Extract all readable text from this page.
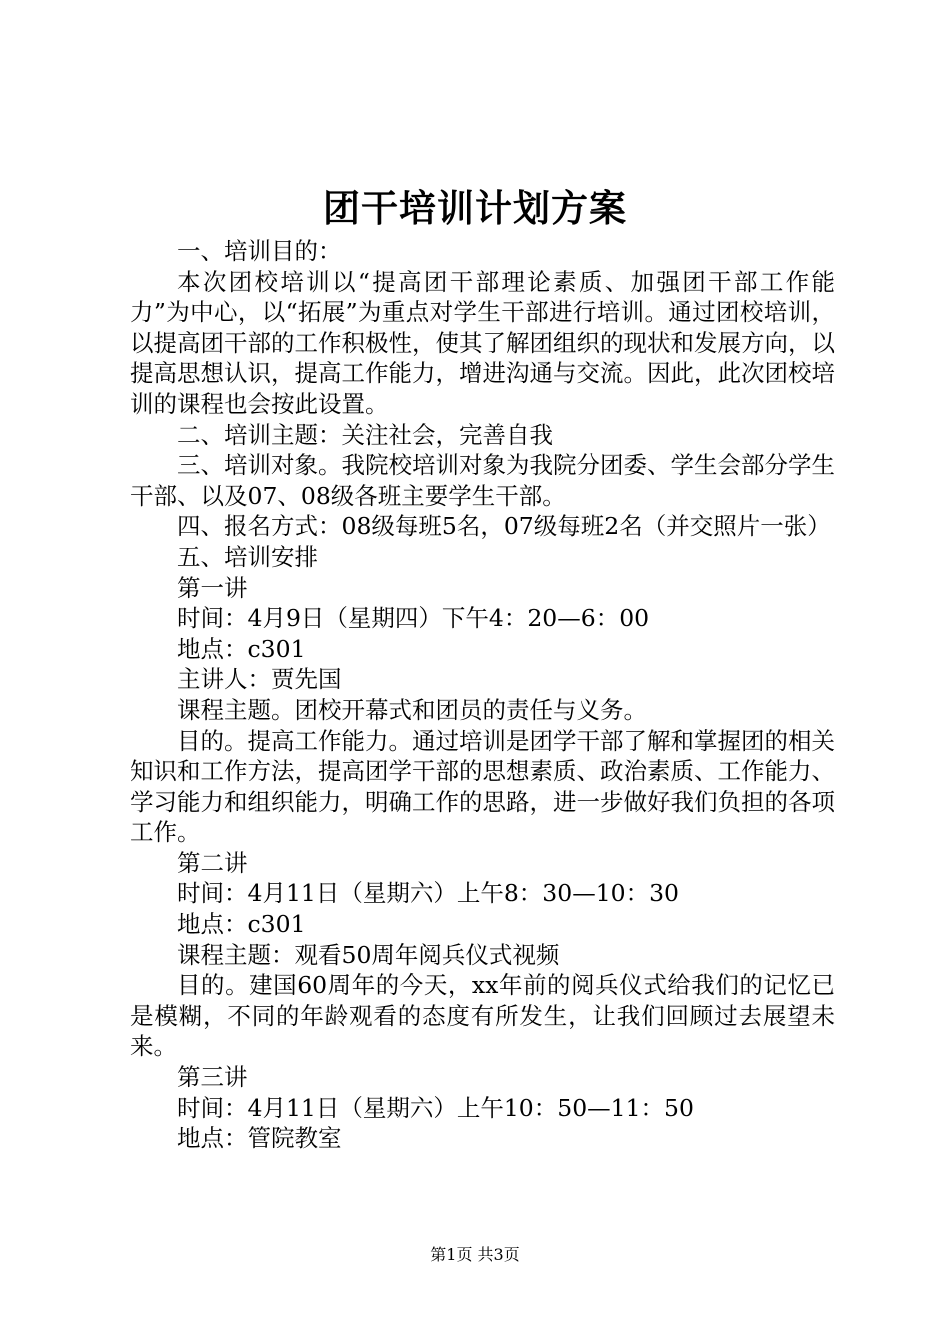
团干培训计划方案

一、培训目的：

本次团校培训以“提高团干部理论素质、加强团干部工作能力”为中心，以“拓展”为重点对学生干部进行培训。通过团校培训，以提高团干部的工作积极性，使其了解团组织的现状和发展方向，以提高思想认识，提高工作能力，增进沟通与交流。因此，此次团校培训的课程也会按此设置。

二、培训主题：关注社会，完善自我

三、培训对象。我院校培训对象为我院分团委、学生会部分学生干部、以及07、08级各班主要学生干部。

四、报名方式：08级每班5名，07级每班2名（并交照片一张）

五、培训安排

第一讲

时间：4月9日（星期四）下午4：20—6：00

地点：c301

主讲人：贾先国

课程主题。团校开幕式和团员的责任与义务。

目的。提高工作能力。通过培训是团学干部了解和掌握团的相关知识和工作方法，提高团学干部的思想素质、政治素质、工作能力、学习能力和组织能力，明确工作的思路，进一步做好我们负担的各项工作。

第二讲

时间：4月11日（星期六）上午8：30—10：30

地点：c301

课程主题：观看50周年阅兵仪式视频

目的。建国60周年的今天，xx年前的阅兵仪式给我们的记忆已是模糊，不同的年龄观看的态度有所发生，让我们回顾过去展望未来。

第三讲

时间：4月11日（星期六）上午10：50—11：50

地点：管院教室

第1页 共3页
